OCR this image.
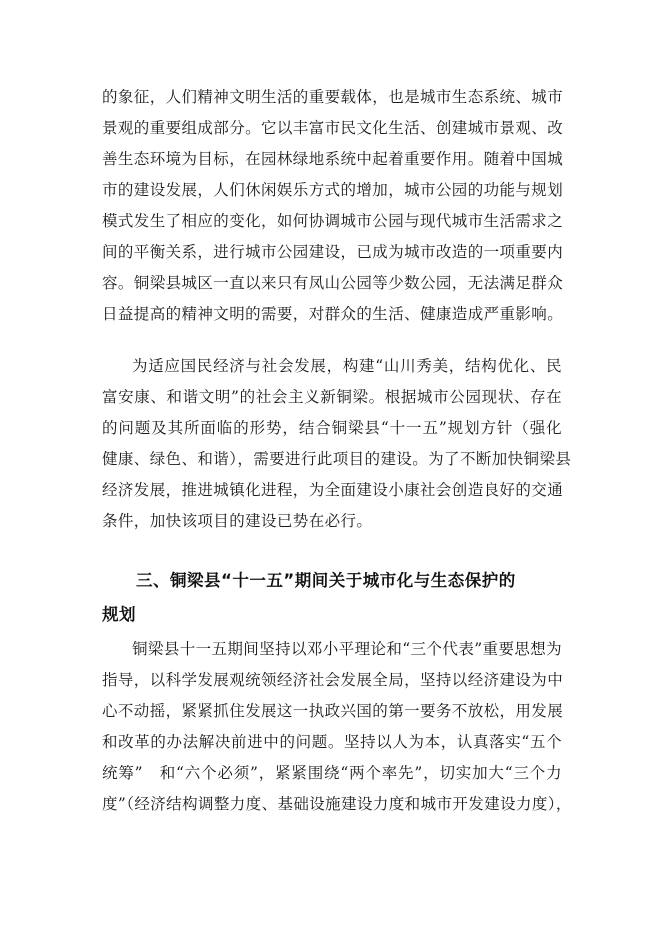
的象征，人们精神文明生活的重要载体，也是城市生态系统、城市
景观的重要组成部分。它以丰富市民文化生活、创建城市景观、改
善生态环境为目标，在园林绿地系统中起着重要作用。随着中国城
市的建设发展，人们休闲娱乐方式的增加，城市公园的功能与规划
模式发生了相应的变化，如何协调城市公园与现代城市生活需求之
间的平衡关系，进行城市公园建设，已成为城市改造的一项重要内
容。铜梁县城区一直以来只有凤山公园等少数公园，无法满足群众
日益提高的精神文明的需要，对群众的生活、健康造成严重影响。
为适应国民经济与社会发展，构建“山川秀美，结构优化、民
富安康、和谐文明”的社会主义新铜梁。根据城市公园现状、存在
的问题及其所面临的形势，结合铜梁县“十一五”规划方针（强化
健康、绿色、和谐），需要进行此项目的建设。为了不断加快铜梁县
经济发展，推进城镇化进程，为全面建设小康社会创造良好的交通
条件，加快该项目的建设已势在必行。
三、铜梁县“十一五”期间关于城市化与生态保护的
规划
铜梁县十一五期间坚持以邓小平理论和“三个代表”重要思想为
指导，以科学发展观统领经济社会发展全局，坚持以经济建设为中
心不动摇，紧紧抓住发展这一执政兴国的第一要务不放松，用发展
和改革的办法解决前进中的问题。坚持以人为本，认真落实“五个
统筹”　和“六个必须”，紧紧围绕“两个率先”，切实加大“三个力
度”（经济结构调整力度、基础设施建设力度和城市开发建设力度），
